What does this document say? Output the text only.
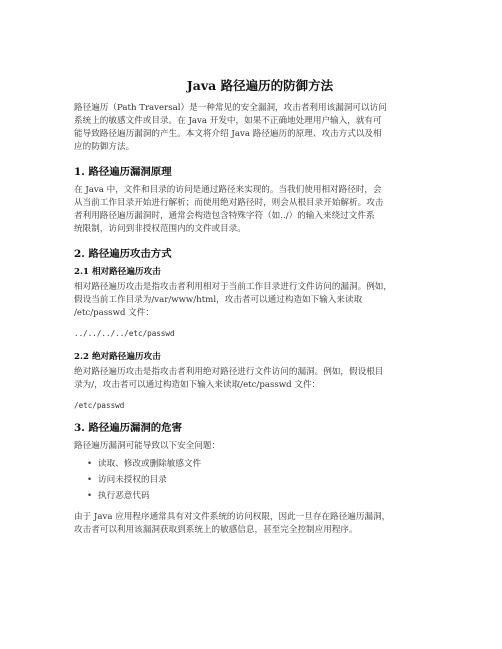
Java 路径遍历的防御方法

路径遍历（Path Traversal）是一种常见的安全漏洞，攻击者利用该漏洞可以访问

系统上的敏感文件或目录。在 Java 开发中，如果不正确地处理用户输入，就有可

能导致路径遍历漏洞的产生。本文将介绍 Java 路径遍历的原理、攻击方式以及相

应的防御方法。

1. 路径遍历漏洞原理

在 Java 中，文件和目录的访问是通过路径来实现的。当我们使用相对路径时，会

从当前工作目录开始进行解析；而使用绝对路径时，则会从根目录开始解析。攻击

者利用路径遍历漏洞时，通常会构造包含特殊字符（如../）的输入来绕过文件系

统限制，访问到非授权范围内的文件或目录。

2. 路径遍历攻击方式
2.1 相对路径遍历攻击

相对路径遍历攻击是指攻击者利用相对于当前工作目录进行文件访问的漏洞。例如，

假设当前工作目录为/var/www/html，攻击者可以通过构造如下输入来读取

/etc/passwd 文件：

../../../../etc/passwd

2.2 绝对路径遍历攻击

绝对路径遍历攻击是指攻击者利用绝对路径进行文件访问的漏洞。例如，假设根目

录为/，攻击者可以通过构造如下输入来读取/etc/passwd 文件：

/etc/passwd

3. 路径遍历漏洞的危害

路径遍历漏洞可能导致以下安全问题：

• 读取、修改或删除敏感文件
• 访问未授权的目录
• 执行恶意代码

由于 Java 应用程序通常具有对文件系统的访问权限，因此一旦存在路径遍历漏洞，

攻击者可以利用该漏洞获取到系统上的敏感信息，甚至完全控制应用程序。
